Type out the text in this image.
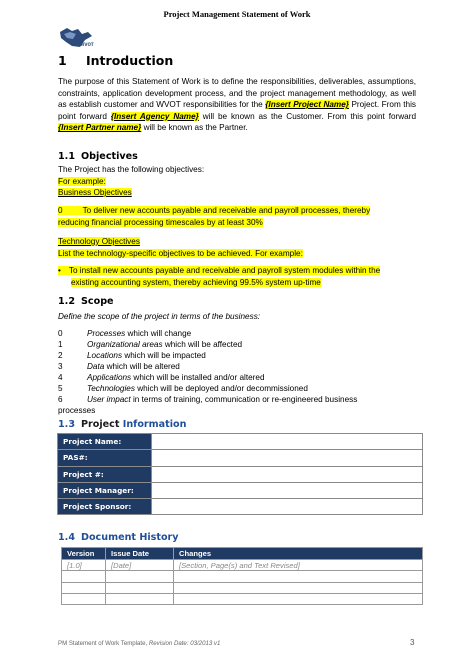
Project Management Statement of Work
WVOT
1 Introduction
The purpose of this Statement of Work is to define the responsibilities, deliverables, assumptions, constraints, application development process, and the project management methodology, as well as establish customer and WVOT responsibilities for the {Insert Project Name} Project. From this point forward {Insert Agency Name} will be known as the Customer. From this point forward {Insert Partner name} will be known as the Partner.
1.1 Objectives
The Project has the following objectives:
For example:
Business Objectives
0 To deliver new accounts payable and receivable and payroll processes, thereby
reducing financial processing timescales by at least 30%
Technology Objectives
List the technology-specific objectives to be achieved. For example:
• To install new accounts payable and receivable and payroll system modules within the
existing accounting system, thereby achieving 99.5% system up-time
1.2 Scope
Define the scope of the project in terms of the business:
0	Processes which will change
1	Organizational areas which will be affected
2	Locations which will be impacted
3	Data which will be altered
4	Applications which will be installed and/or altered
5	Technologies which will be deployed and/or decommissioned
6	User impact in terms of training, communication or re-engineered business
processes
1.3 Project Information
Project Name:	
PAS#:	
Project #:	
Project Manager:	
Project Sponsor:	
1.4 Document History
Version	Issue Date	Changes
[1.0]	[Date]	[Section, Page(s) and Text Revised]

PM Statement of Work Template, Revision Date: 03/2013 v1	3
